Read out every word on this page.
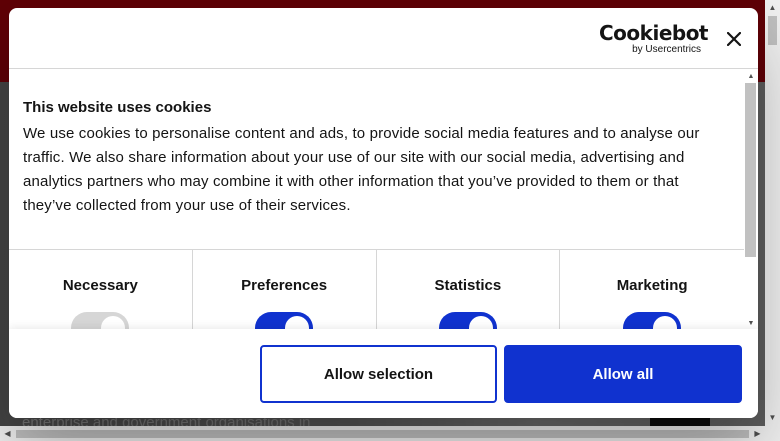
▲
▼
◀	▶
Cookiebot
by Usercentrics
This website uses cookies
We use cookies to personalise content and ads, to provide social media features and to analyse our traffic. We also share information about your use of our site with our social media, advertising and analytics partners who may combine it with other information that you’ve provided to them or that they’ve collected from your use of their services.
Necessary	Preferences	Statistics	Marketing
▲
▼
Allow selection	Allow all
